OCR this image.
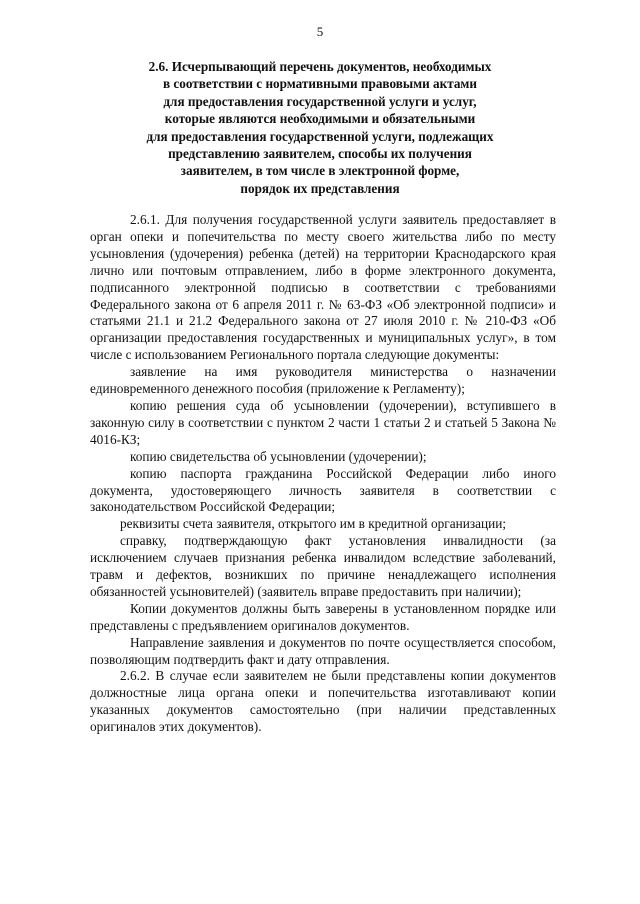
5
2.6. Исчерпывающий перечень документов, необходимых
в соответствии с нормативными правовыми актами
для предоставления государственной услуги и услуг,
которые являются необходимыми и обязательными
для предоставления государственной услуги, подлежащих
представлению заявителем, способы их получения
заявителем, в том числе в электронной форме,
порядок их представления

2.6.1. Для получения государственной услуги заявитель предоставляет в орган опеки и попечительства по месту своего жительства либо по месту усыновления (удочерения) ребенка (детей) на территории Краснодарского края лично или почтовым отправлением, либо в форме электронного документа, подписанного электронной подписью в соответствии с требованиями Федерального закона от 6 апреля 2011 г. № 63-ФЗ «Об электронной подписи» и статьями 21.1 и 21.2 Федерального закона от 27 июля 2010 г. № 210-ФЗ «Об организации предоставления государственных и муниципальных услуг», в том числе с использованием Регионального портала следующие документы:

заявление на имя руководителя министерства о назначении единовременного денежного пособия (приложение к Регламенту);

копию решения суда об усыновлении (удочерении), вступившего в законную силу в соответствии с пунктом 2 части 1 статьи 2 и статьей 5 Закона № 4016-КЗ;

копию свидетельства об усыновлении (удочерении);

копию паспорта гражданина Российской Федерации либо иного документа, удостоверяющего личность заявителя в соответствии с законодательством Российской Федерации;

реквизиты счета заявителя, открытого им в кредитной организации;

справку, подтверждающую факт установления инвалидности (за исключением случаев признания ребенка инвалидом вследствие заболеваний, травм и дефектов, возникших по причине ненадлежащего исполнения обязанностей усыновителей) (заявитель вправе предоставить при наличии);

Копии документов должны быть заверены в установленном порядке или представлены с предъявлением оригиналов документов.

Направление заявления и документов по почте осуществляется способом, позволяющим подтвердить факт и дату отправления.

2.6.2. В случае если заявителем не были представлены копии документов должностные лица органа опеки и попечительства изготавливают копии указанных документов самостоятельно (при наличии представленных оригиналов этих документов).
